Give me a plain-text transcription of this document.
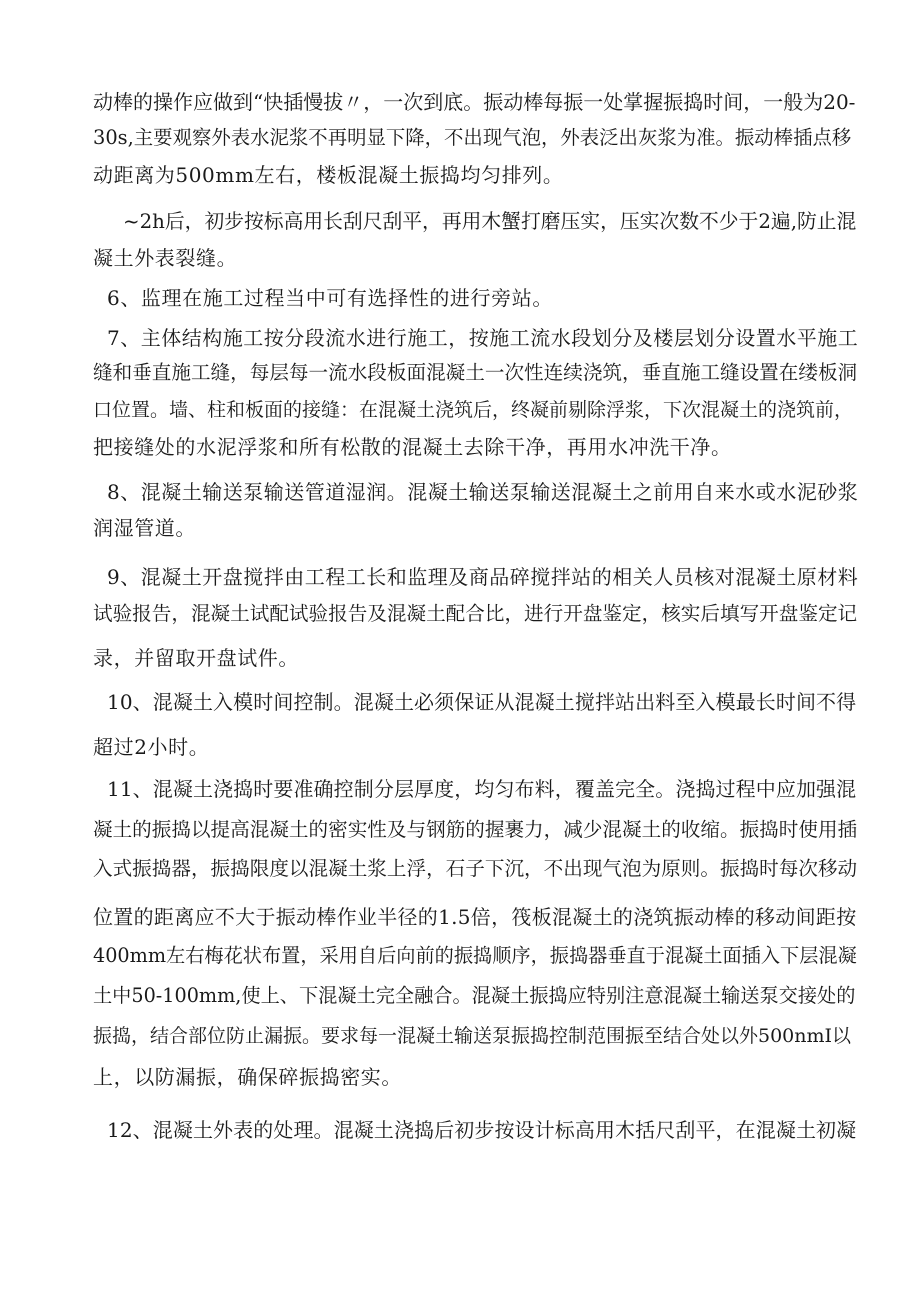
动棒的操作应做到“快插慢拔〃，一次到底。振动棒每振一处掌握振捣时间，一般为20-
30s,主要观察外表水泥浆不再明显下降，不出现气泡，外表泛出灰浆为准。振动棒插点移
动距离为500mm左右，楼板混凝土振捣均匀排列。
~2h后，初步按标高用长刮尺刮平，再用木蟹打磨压实，压实次数不少于2遍,防止混
凝土外表裂缝。
6、监理在施工过程当中可有选择性的进行旁站。
7、主体结构施工按分段流水进行施工，按施工流水段划分及楼层划分设置水平施工
缝和垂直施工缝，每层每一流水段板面混凝土一次性连续浇筑，垂直施工缝设置在缕板洞
口位置。墙、柱和板面的接缝：在混凝土浇筑后，终凝前剔除浮浆，下次混凝土的浇筑前，
把接缝处的水泥浮浆和所有松散的混凝土去除干净，再用水冲洗干净。
8、混凝土输送泵输送管道湿润。混凝土输送泵输送混凝土之前用自来水或水泥砂浆
润湿管道。
9、混凝土开盘搅拌由工程工长和监理及商品碎搅拌站的相关人员核对混凝土原材料
试验报告，混凝土试配试验报告及混凝土配合比，进行开盘鉴定，核实后填写开盘鉴定记
录，并留取开盘试件。
10、混凝土入模时间控制。混凝土必须保证从混凝土搅拌站出料至入模最长时间不得
超过2小时。
11、混凝土浇捣时要准确控制分层厚度，均匀布料，覆盖完全。浇捣过程中应加强混
凝土的振捣以提高混凝土的密实性及与钢筋的握裹力，减少混凝土的收缩。振捣时使用插
入式振捣器，振捣限度以混凝土浆上浮，石子下沉，不出现气泡为原则。振捣时每次移动
位置的距离应不大于振动棒作业半径的1.5倍，筏板混凝土的浇筑振动棒的移动间距按
400mm左右梅花状布置，采用自后向前的振捣顺序，振捣器垂直于混凝土面插入下层混凝
土中50-100mm,使上、下混凝土完全融合。混凝土振捣应特别注意混凝土输送泵交接处的
振捣，结合部位防止漏振。要求每一混凝土输送泵振捣控制范围振至结合处以外500nmI以
上，以防漏振，确保碎振捣密实。
12、混凝土外表的处理。混凝土浇捣后初步按设计标高用木括尺刮平，在混凝土初凝
